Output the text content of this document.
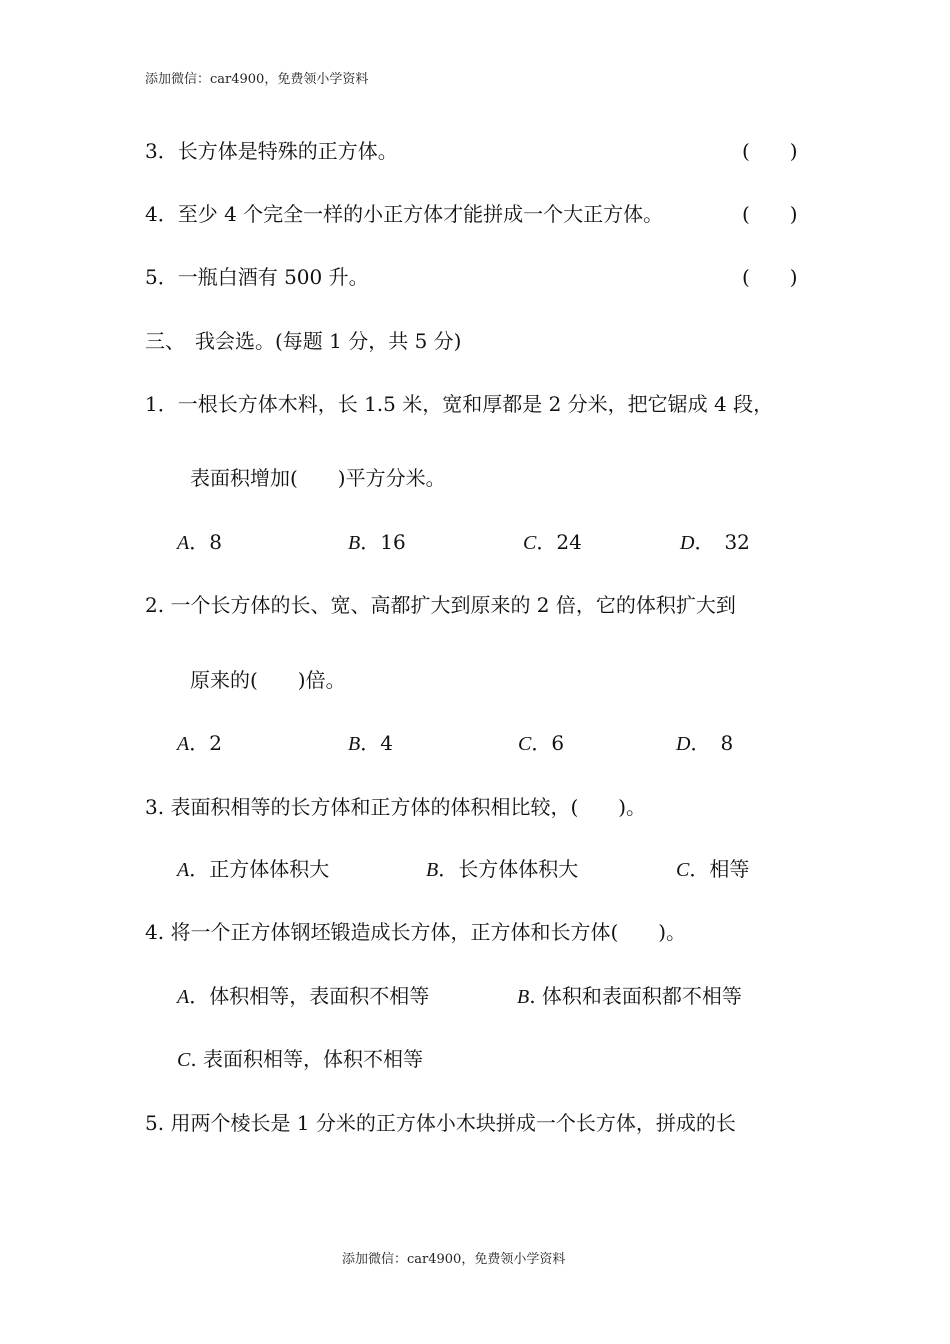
添加微信：car4900，免费领小学资料
3．长方体是特殊的正方体。	(　　)
4．至少 4 个完全一样的小正方体才能拼成一个大正方体。	(　　)
5．一瓶白酒有 500 升。	(　　)
三、　我会选。(每题 1 分，共 5 分)
1．一根长方体木料，长 1.5 米，宽和厚都是 2 分米，把它锯成 4 段，
表面积增加(　　)平方分米。
A．8	B．16	C．24	D．　32
2. 一个长方体的长、宽、高都扩大到原来的 2 倍，它的体积扩大到
原来的(　　)倍。
A．2	B．4	C．6	D．　8
3. 表面积相等的长方体和正方体的体积相比较，(　　)。
A．正方体体积大	B．长方体体积大	C．相等
4. 将一个正方体钢坯锻造成长方体，正方体和长方体(　　)。
A．体积相等，表面积不相等	B. 体积和表面积都不相等
C. 表面积相等，体积不相等
5. 用两个棱长是 1 分米的正方体小木块拼成一个长方体，拼成的长
添加微信：car4900，免费领小学资料
